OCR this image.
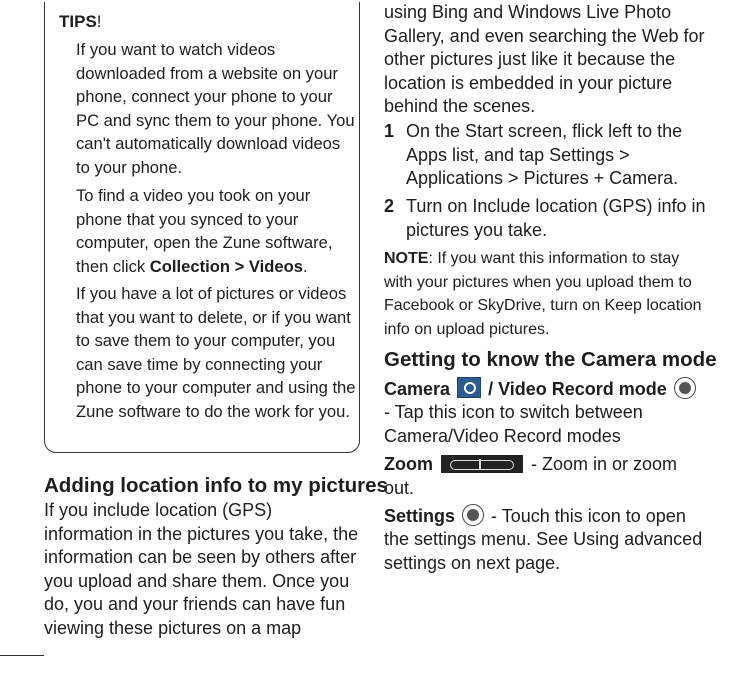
TIPS!

If you want to watch videos downloaded from a website on your phone, connect your phone to your PC and sync them to your phone. You can't automatically download videos to your phone.

To find a video you took on your phone that you synced to your computer, open the Zune software, then click Collection > Videos.

If you have a lot of pictures or videos that you want to delete, or if you want to save them to your computer, you can save time by connecting your phone to your computer and using the Zune software to do the work for you.

Adding location info to my pictures

If you include location (GPS) information in the pictures you take, the information can be seen by others after you upload and share them. Once you do, you and your friends can have fun viewing these pictures on a map

using Bing and Windows Live Photo Gallery, and even searching the Web for other pictures just like it because the location is embedded in your picture behind the scenes.

1 On the Start screen, flick left to the Apps list, and tap Settings > Applications > Pictures + Camera.
2 Turn on Include location (GPS) info in pictures you take.
NOTE: If you want this information to stay with your pictures when you upload them to Facebook or SkyDrive, turn on Keep location info on upload pictures.
Getting to know the Camera mode
Camera / Video Record mode

- Tap this icon to switch between Camera/Video Record modes

Zoom	- Zoom in or zoom
out.
Settings
- Touch this icon to open

the settings menu. See Using advanced settings on next page.
